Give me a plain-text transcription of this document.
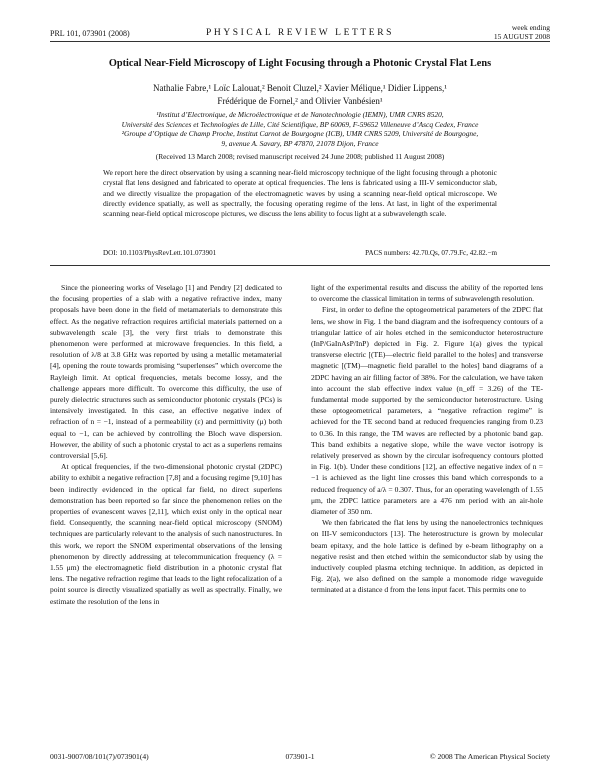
PRL 101, 073901 (2008)	PHYSICAL REVIEW LETTERS
week ending
15 AUGUST 2008
Optical Near-Field Microscopy of Light Focusing through a Photonic Crystal Flat Lens
Nathalie Fabre,¹ Loïc Lalouat,² Benoit Cluzel,² Xavier Mélique,¹ Didier Lippens,¹
Frédérique de Fornel,² and Olivier Vanbésien¹
¹Institut d’Electronique, de Microélectronique et de Nanotechnologie (IEMN), UMR CNRS 8520,
Université des Sciences et Technologies de Lille, Cité Scientifique, BP 60069, F-59652 Villeneuve d’Ascq Cedex, France
²Groupe d’Optique de Champ Proche, Institut Carnot de Bourgogne (ICB), UMR CNRS 5209, Université de Bourgogne,
9, avenue A. Savary, BP 47870, 21078 Dijon, France
(Received 13 March 2008; revised manuscript received 24 June 2008; published 11 August 2008)

We report here the direct observation by using a scanning near-field microscopy technique of the light focusing through a photonic crystal flat lens designed and fabricated to operate at optical frequencies. The lens is fabricated using a III-V semiconductor slab, and we directly visualize the propagation of the electromagnetic waves by using a scanning near-field optical microscope. We directly evidence spatially, as well as spectrally, the focusing operating regime of the lens. At last, in light of the experimental scanning near-field optical microscope pictures, we discuss the lens ability to focus light at a subwavelength scale.

DOI: 10.1103/PhysRevLett.101.073901	PACS numbers: 42.70.Qs, 07.79.Fc, 42.82.−m

Since the pioneering works of Veselago [1] and Pendry [2] dedicated to the focusing properties of a slab with a negative refractive index, many proposals have been done in the field of metamaterials to demonstrate this effect. As the negative refraction requires artificial materials patterned on a subwavelength scale [3], the very first trials to demonstrate this phenomenon were performed at microwave frequencies. In this field, a resolution of λ/8 at 3.8 GHz was reported by using a metallic metamaterial [4], opening the route towards promising “superlenses” which overcome the Rayleigh limit. At optical frequencies, metals become lossy, and the challenge appears more difficult. To overcome this difficulty, the use of purely dielectric structures such as semiconductor photonic crystals (PCs) is intensively investigated. In this case, an effective negative index of refraction of n = −1, instead of a permeability (ε) and permittivity (μ) both equal to −1, can be achieved by controlling the Bloch wave dispersion. However, the ability of such a photonic crystal to act as a superlens remains controversial [5,6].

At optical frequencies, if the two-dimensional photonic crystal (2DPC) ability to exhibit a negative refraction [7,8] and a focusing regime [9,10] has been indirectly evidenced in the optical far field, no direct superlens demonstration has been reported so far since the phenomenon relies on the properties of evanescent waves [2,11], which exist only in the optical near field. Consequently, the scanning near-field optical microscopy (SNOM) techniques are particularly relevant to the analysis of such nanostructures. In this work, we report the SNOM experimental observations of the lensing phenomenon by directly addressing at telecommunication frequency (λ = 1.55 μm) the electromagnetic field distribution in a photonic crystal flat lens. The negative refraction regime that leads to the light refocalization of a point source is directly visualized spatially as well as spectrally. Finally, we estimate the resolution of the lens in

light of the experimental results and discuss the ability of the reported lens to overcome the classical limitation in terms of subwavelength resolution.

First, in order to define the optogeometrical parameters of the 2DPC flat lens, we show in Fig. 1 the band diagram and the isofrequency contours of a triangular lattice of air holes etched in the semiconductor heterostructure (InP/GaInAsP/InP) depicted in Fig. 2. Figure 1(a) gives the typical transverse electric [(TE)—electric field parallel to the holes] and transverse magnetic [(TM)—magnetic field parallel to the holes] band diagrams of a 2DPC having an air filling factor of 38%. For the calculation, we have taken into account the slab effective index value (n_eff = 3.26) of the TE-fundamental mode supported by the semiconductor heterostructure. Using these optogeometrical parameters, a “negative refraction regime” is achieved for the TE second band at reduced frequencies ranging from 0.23 to 0.36. In this range, the TM waves are reflected by a photonic band gap. This band exhibits a negative slope, while the wave vector isotropy is relatively preserved as shown by the circular isofrequency contours plotted in Fig. 1(b). Under these conditions [12], an effective negative index of n = −1 is achieved as the light line crosses this band which corresponds to a reduced frequency of a/λ = 0.307. Thus, for an operating wavelength of 1.55 μm, the 2DPC lattice parameters are a 476 nm period with an air-hole diameter of 350 nm.

We then fabricated the flat lens by using the nanoelectronics techniques on III-V semiconductors [13]. The heterostructure is grown by molecular beam epitaxy, and the hole lattice is defined by e-beam lithography on a negative resist and then etched within the semiconductor slab by using the inductively coupled plasma etching technique. In addition, as depicted in Fig. 2(a), we also defined on the sample a monomode ridge waveguide terminated at a distance d from the lens input facet. This permits one to

0031-9007/08/101(7)/073901(4)	073901-1	© 2008 The American Physical Society
